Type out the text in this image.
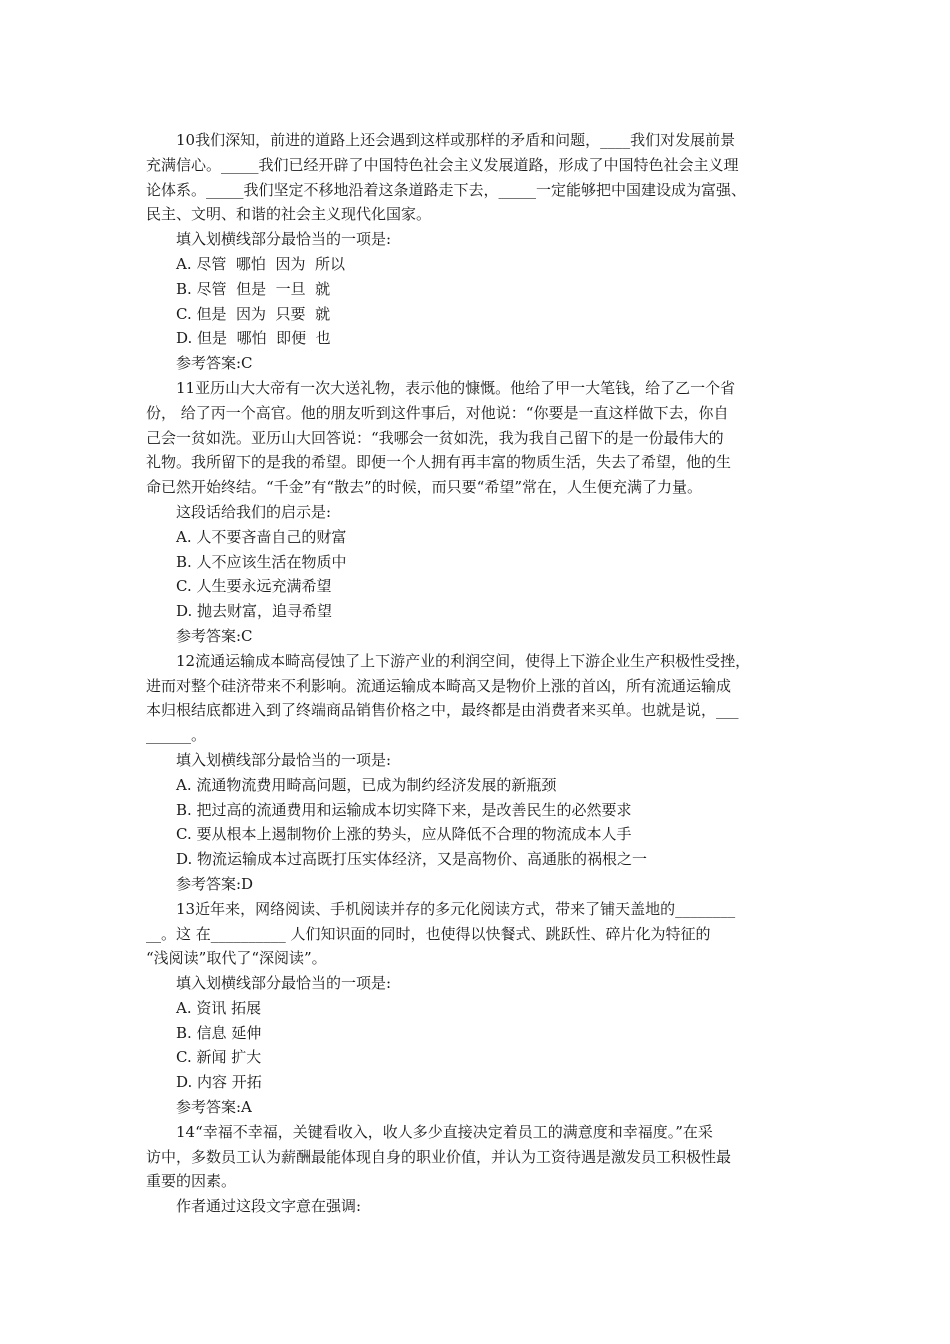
10我们深知，前进的道路上还会遇到这样或那样的矛盾和问题，____我们对发展前景

充满信心。_____我们已经开辟了中国特色社会主义发展道路，形成了中国特色社会主义理

论体系。_____我们坚定不移地沿着这条道路走下去，_____一定能够把中国建设成为富强、

民主、文明、和谐的社会主义现代化国家。

填入划横线部分最恰当的一项是:

A. 尽管  哪怕  因为  所以

B. 尽管  但是  一旦  就

C. 但是  因为  只要  就

D. 但是  哪怕  即便  也

参考答案:C

11亚历山大大帝有一次大送礼物，表示他的慷慨。他给了甲一大笔钱，给了乙一个省

份， 给了丙一个高官。他的朋友听到这件事后，对他说：“你要是一直这样做下去，你自

己会一贫如洗。亚历山大回答说：“我哪会一贫如洗，我为我自己留下的是一份最伟大的

礼物。我所留下的是我的希望。即便一个人拥有再丰富的物质生活，失去了希望，他的生

命已然开始终结。“千金”有“散去”的时候，而只要“希望”常在，人生便充满了力量。

这段话给我们的启示是:

A. 人不要吝啬自己的财富

B. 人不应该生活在物质中

C. 人生要永远充满希望

D. 抛去财富，追寻希望

参考答案:C

12流通运输成本畸高侵蚀了上下游产业的利润空间，使得上下游企业生产积极性受挫，

进而对整个硅济带来不利影响。流通运输成本畸高又是物价上涨的首凶，所有流通运输成

本归根结底都进入到了终端商品销售价格之中，最终都是由消费者来买单。也就是说，___

______。

填入划横线部分最恰当的一项是:

A. 流通物流费用畸高问题，已成为制约经济发展的新瓶颈

B. 把过高的流通费用和运输成本切实降下来，是改善民生的必然要求

C. 要从根本上遏制物价上涨的势头，应从降低不合理的物流成本人手

D. 物流运输成本过高既打压实体经济，又是高物价、高通胀的祸根之一

参考答案:D

13近年来，网络阅读、手机阅读并存的多元化阅读方式，带来了铺天盖地的________

__。这 在__________ 人们知识面的同时，也使得以快餐式、跳跃性、碎片化为特征的

“浅阅读”取代了“深阅读”。

填入划横线部分最恰当的一项是:

A. 资讯 拓展

B. 信息 延伸

C. 新闻 扩大

D. 内容 开拓

参考答案:A

14“幸福不幸福，关键看收入，收人多少直接决定着员工的满意度和幸福度。”在采

访中，多数员工认为薪酬最能体现自身的职业价值，并认为工资待遇是激发员工积极性最

重要的因素。

作者通过这段文字意在强调:
